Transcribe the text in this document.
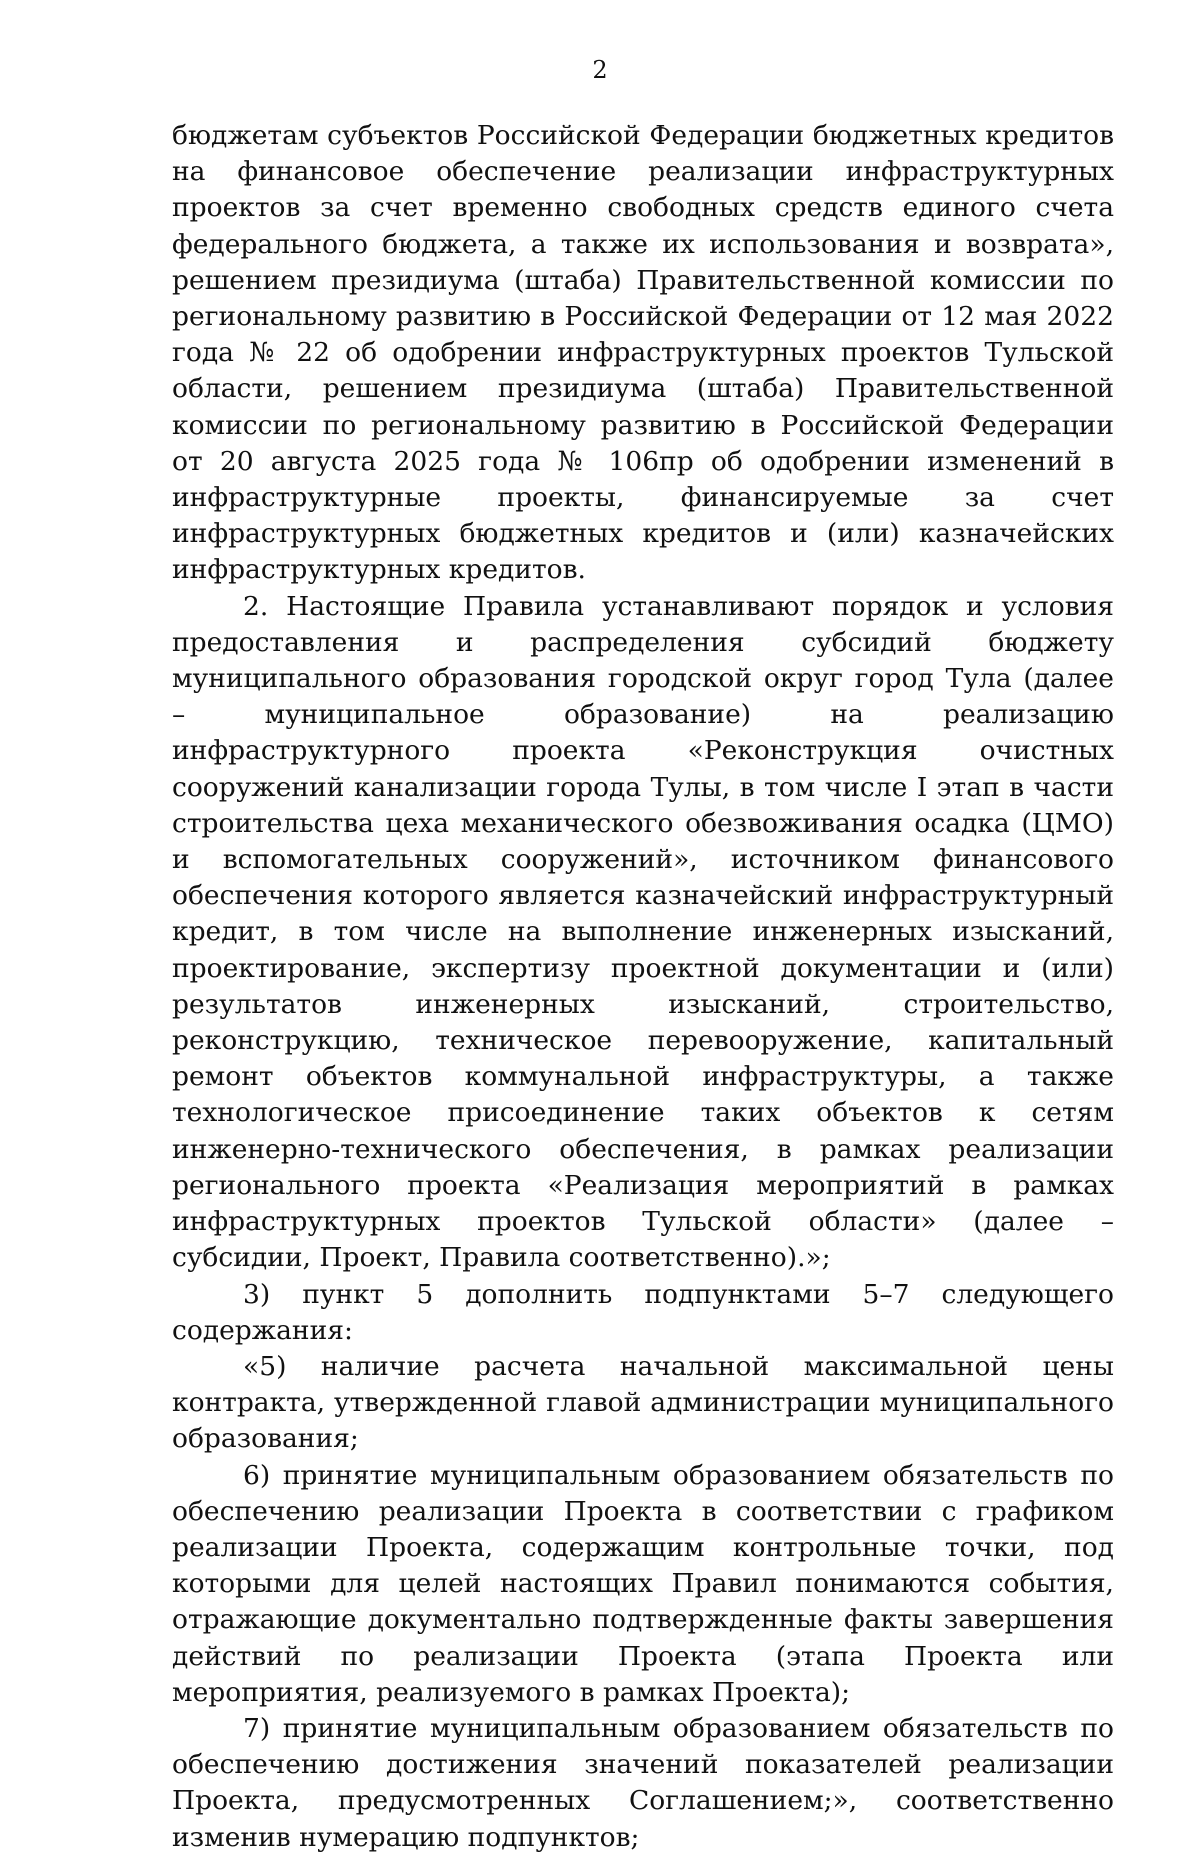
2

бюджетам субъектов Российской Федерации бюджетных кредитов на финансовое обеспечение реализации инфраструктурных проектов за счет временно свободных средств единого счета федерального бюджета, а также их использования и возврата», решением президиума (штаба) Правительственной комиссии по региональному развитию в Российской Федерации от 12 мая 2022 года № 22 об одобрении инфраструктурных проектов Тульской области, решением президиума (штаба) Правительственной комиссии по региональному развитию в Российской Федерации от 20 августа 2025 года № 106пр об одобрении изменений в инфраструктурные проекты, финансируемые за счет инфраструктурных бюджетных кредитов и (или) казначейских инфраструктурных кредитов.

2. Настоящие Правила устанавливают порядок и условия предоставления и распределения субсидий бюджету муниципального образования городской округ город Тула (далее – муниципальное образование) на реализацию инфраструктурного проекта «Реконструкция очистных сооружений канализации города Тулы, в том числе I этап в части строительства цеха механического обезвоживания осадка (ЦМО) и вспомогательных сооружений», источником финансового обеспечения которого является казначейский инфраструктурный кредит, в том числе на выполнение инженерных изысканий, проектирование, экспертизу проектной документации и (или) результатов инженерных изысканий, строительство, реконструкцию, техническое перевооружение, капитальный ремонт объектов коммунальной инфраструктуры, а также технологическое присоединение таких объектов к сетям инженерно-технического обеспечения, в рамках реализации регионального проекта «Реализация мероприятий в рамках инфраструктурных проектов Тульской области» (далее – субсидии, Проект, Правила соответственно).»;

3) пункт 5 дополнить подпунктами 5–7 следующего содержания:

«5) наличие расчета начальной максимальной цены контракта, утвержденной главой администрации муниципального образования;

6) принятие муниципальным образованием обязательств по обеспечению реализации Проекта в соответствии с графиком реализации Проекта, содержащим контрольные точки, под которыми для целей настоящих Правил понимаются события, отражающие документально подтвержденные факты завершения действий по реализации Проекта (этапа Проекта или мероприятия, реализуемого в рамках Проекта);

7) принятие муниципальным образованием обязательств по обеспечению достижения значений показателей реализации Проекта, предусмотренных Соглашением;», соответственно изменив нумерацию подпунктов;
